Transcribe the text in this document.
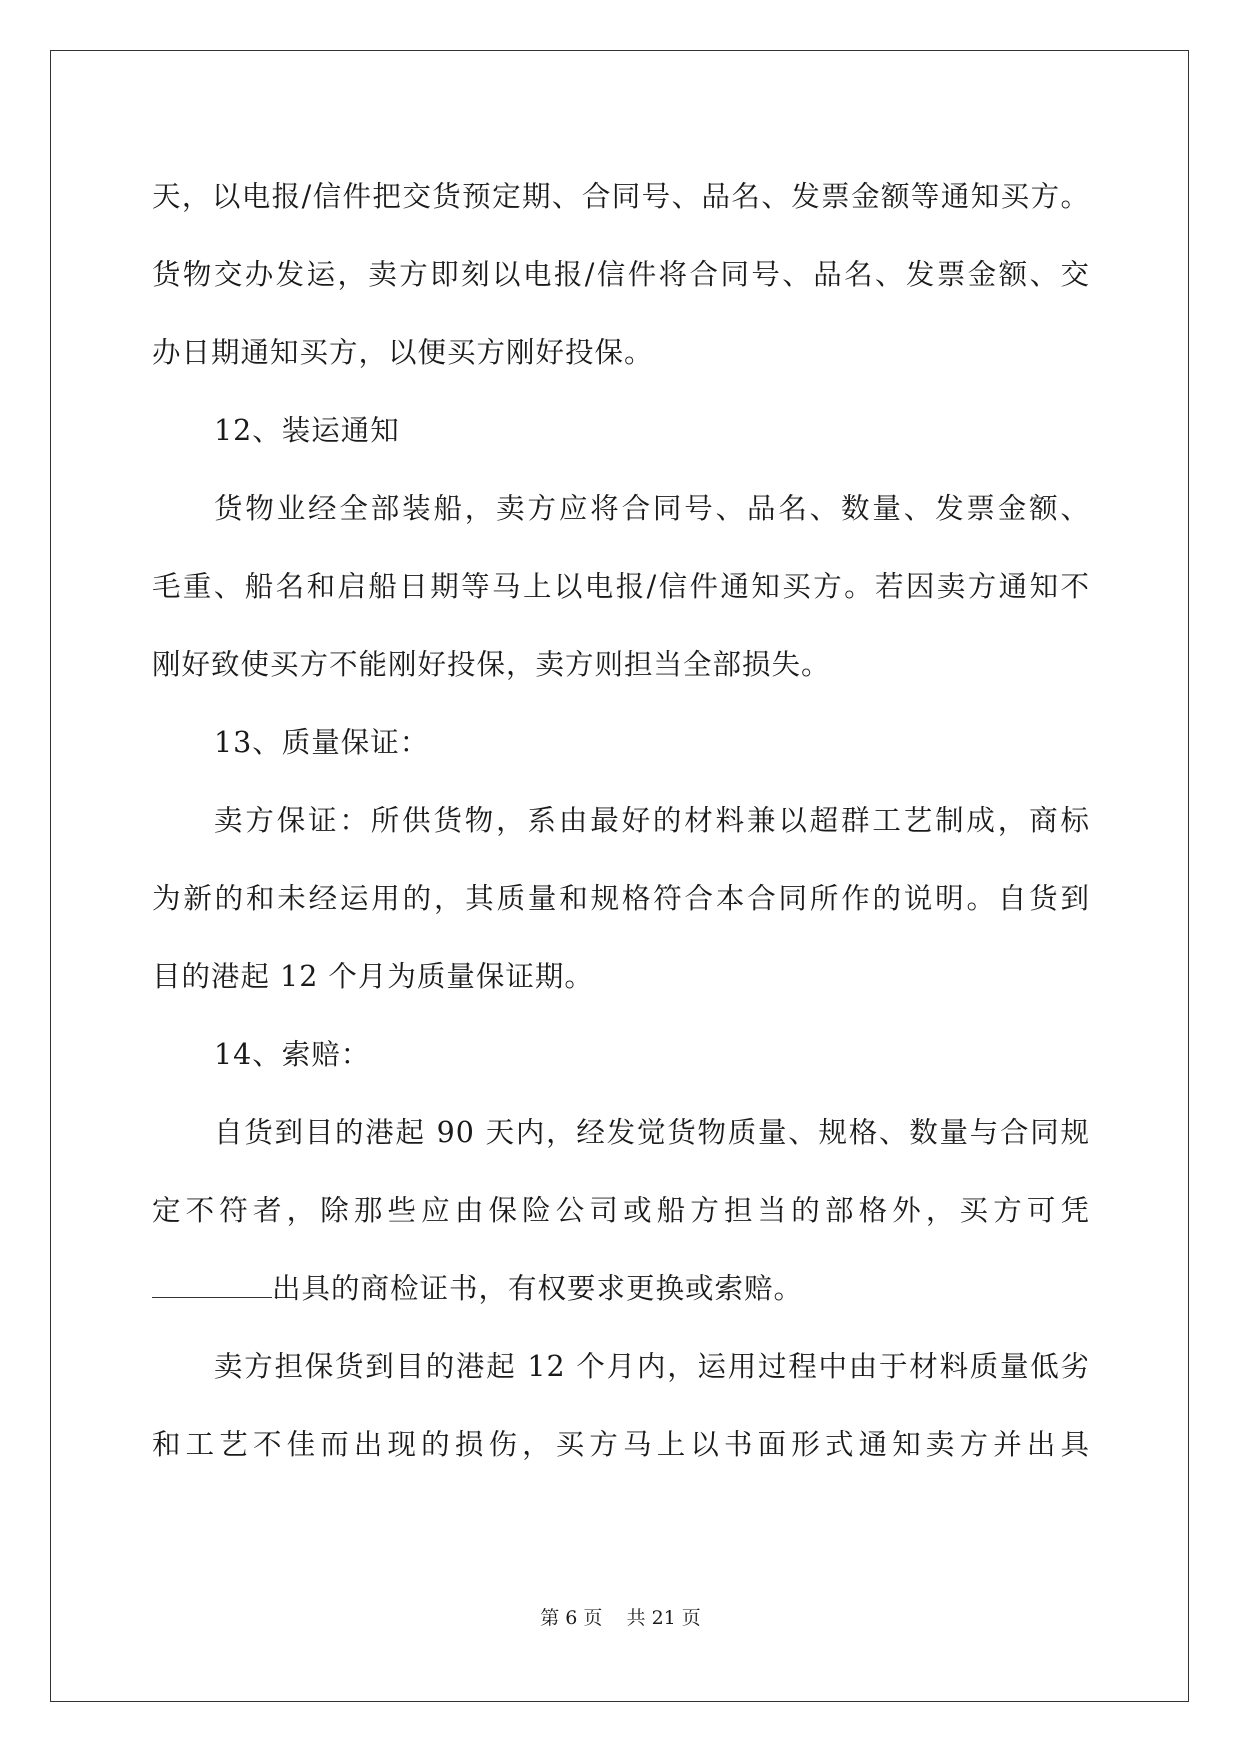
天，以电报/信件把交货预定期、合同号、品名、发票金额等通知买方。
货物交办发运，卖方即刻以电报/信件将合同号、品名、发票金额、交
办日期通知买方，以便买方刚好投保。
12、装运通知
货物业经全部装船，卖方应将合同号、品名、数量、发票金额、
毛重、船名和启船日期等马上以电报/信件通知买方。若因卖方通知不
刚好致使买方不能刚好投保，卖方则担当全部损失。
13、质量保证：
卖方保证：所供货物，系由最好的材料兼以超群工艺制成，商标
为新的和未经运用的，其质量和规格符合本合同所作的说明。自货到
目的港起 12 个月为质量保证期。
14、索赔：
自货到目的港起 90 天内，经发觉货物质量、规格、数量与合同规
定不符者，除那些应由保险公司或船方担当的部格外，买方可凭
出具的商检证书，有权要求更换或索赔。
卖方担保货到目的港起 12 个月内，运用过程中由于材料质量低劣
和工艺不佳而出现的损伤，买方马上以书面形式通知卖方并出具
第 6 页    共 21 页
